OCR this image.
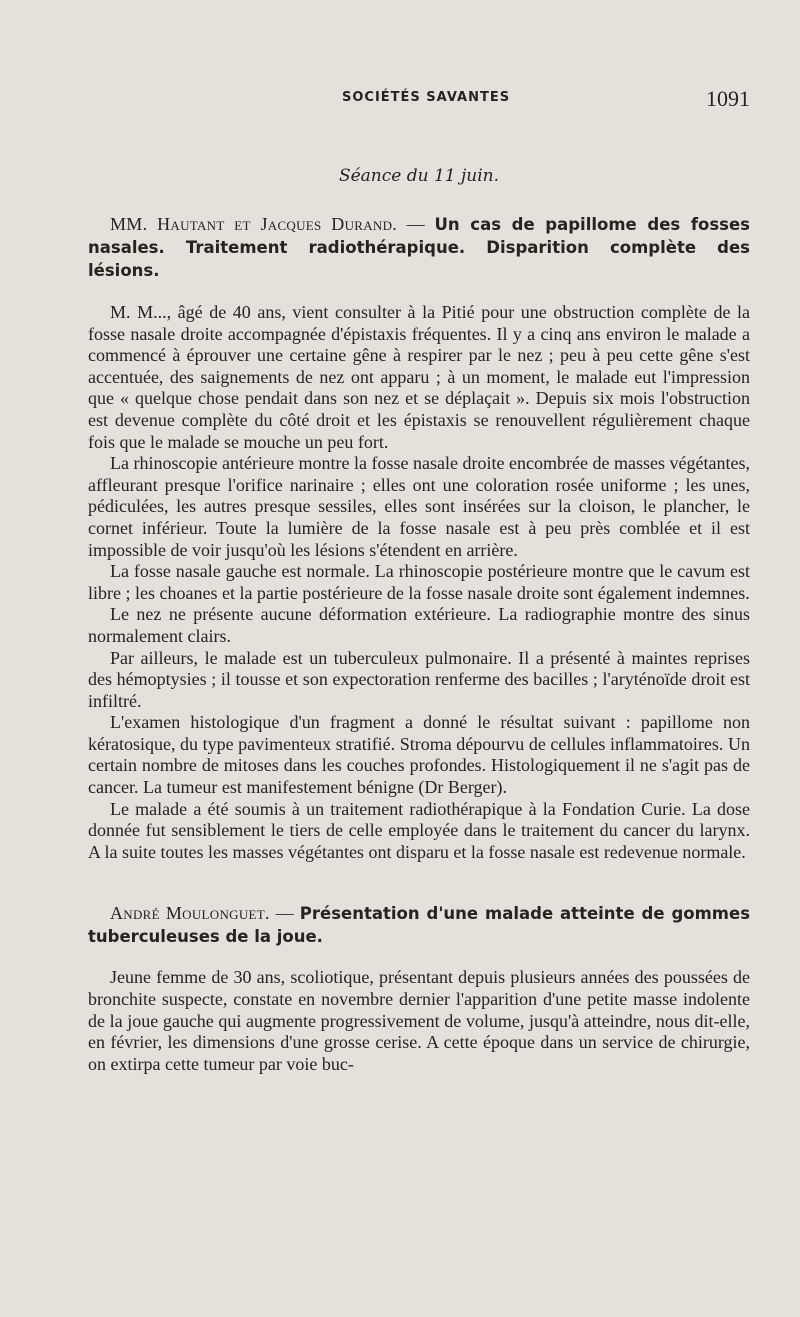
SOCIÉTÉS SAVANTES	1091
Séance du 11 juin.

MM. Hautant et Jacques Durand. — Un cas de papillome des fosses nasales. Traitement radiothérapique. Disparition complète des lésions.

M. M..., âgé de 40 ans, vient consulter à la Pitié pour une obstruction complète de la fosse nasale droite accompagnée d'épistaxis fréquentes. Il y a cinq ans environ le malade a commencé à éprouver une certaine gêne à respirer par le nez ; peu à peu cette gêne s'est accentuée, des saignements de nez ont apparu ; à un moment, le malade eut l'impression que « quelque chose pendait dans son nez et se déplaçait ». Depuis six mois l'obstruction est devenue complète du côté droit et les épistaxis se renouvellent régulièrement chaque fois que le malade se mouche un peu fort.

La rhinoscopie antérieure montre la fosse nasale droite encombrée de masses végétantes, affleurant presque l'orifice narinaire ; elles ont une coloration rosée uniforme ; les unes, pédiculées, les autres presque sessiles, elles sont insérées sur la cloison, le plancher, le cornet inférieur. Toute la lumière de la fosse nasale est à peu près comblée et il est impossible de voir jusqu'où les lésions s'étendent en arrière.

La fosse nasale gauche est normale. La rhinoscopie postérieure montre que le cavum est libre ; les choanes et la partie postérieure de la fosse nasale droite sont également indemnes.

Le nez ne présente aucune déformation extérieure. La radiographie montre des sinus normalement clairs.

Par ailleurs, le malade est un tuberculeux pulmonaire. Il a présenté à maintes reprises des hémoptysies ; il tousse et son expectoration renferme des bacilles ; l'aryténoïde droit est infiltré.

L'examen histologique d'un fragment a donné le résultat suivant : papillome non kératosique, du type pavimenteux stratifié. Stroma dépourvu de cellules inflammatoires. Un certain nombre de mitoses dans les couches profondes. Histologiquement il ne s'agit pas de cancer. La tumeur est manifestement bénigne (Dr Berger).

Le malade a été soumis à un traitement radiothérapique à la Fondation Curie. La dose donnée fut sensiblement le tiers de celle employée dans le traitement du cancer du larynx. A la suite toutes les masses végétantes ont disparu et la fosse nasale est redevenue normale.

André Moulonguet. — Présentation d'une malade atteinte de gommes tuberculeuses de la joue.

Jeune femme de 30 ans, scoliotique, présentant depuis plusieurs années des poussées de bronchite suspecte, constate en novembre dernier l'apparition d'une petite masse indolente de la joue gauche qui augmente progressivement de volume, jusqu'à atteindre, nous dit-elle, en février, les dimensions d'une grosse cerise. A cette époque dans un service de chirurgie, on extirpa cette tumeur par voie buc-
